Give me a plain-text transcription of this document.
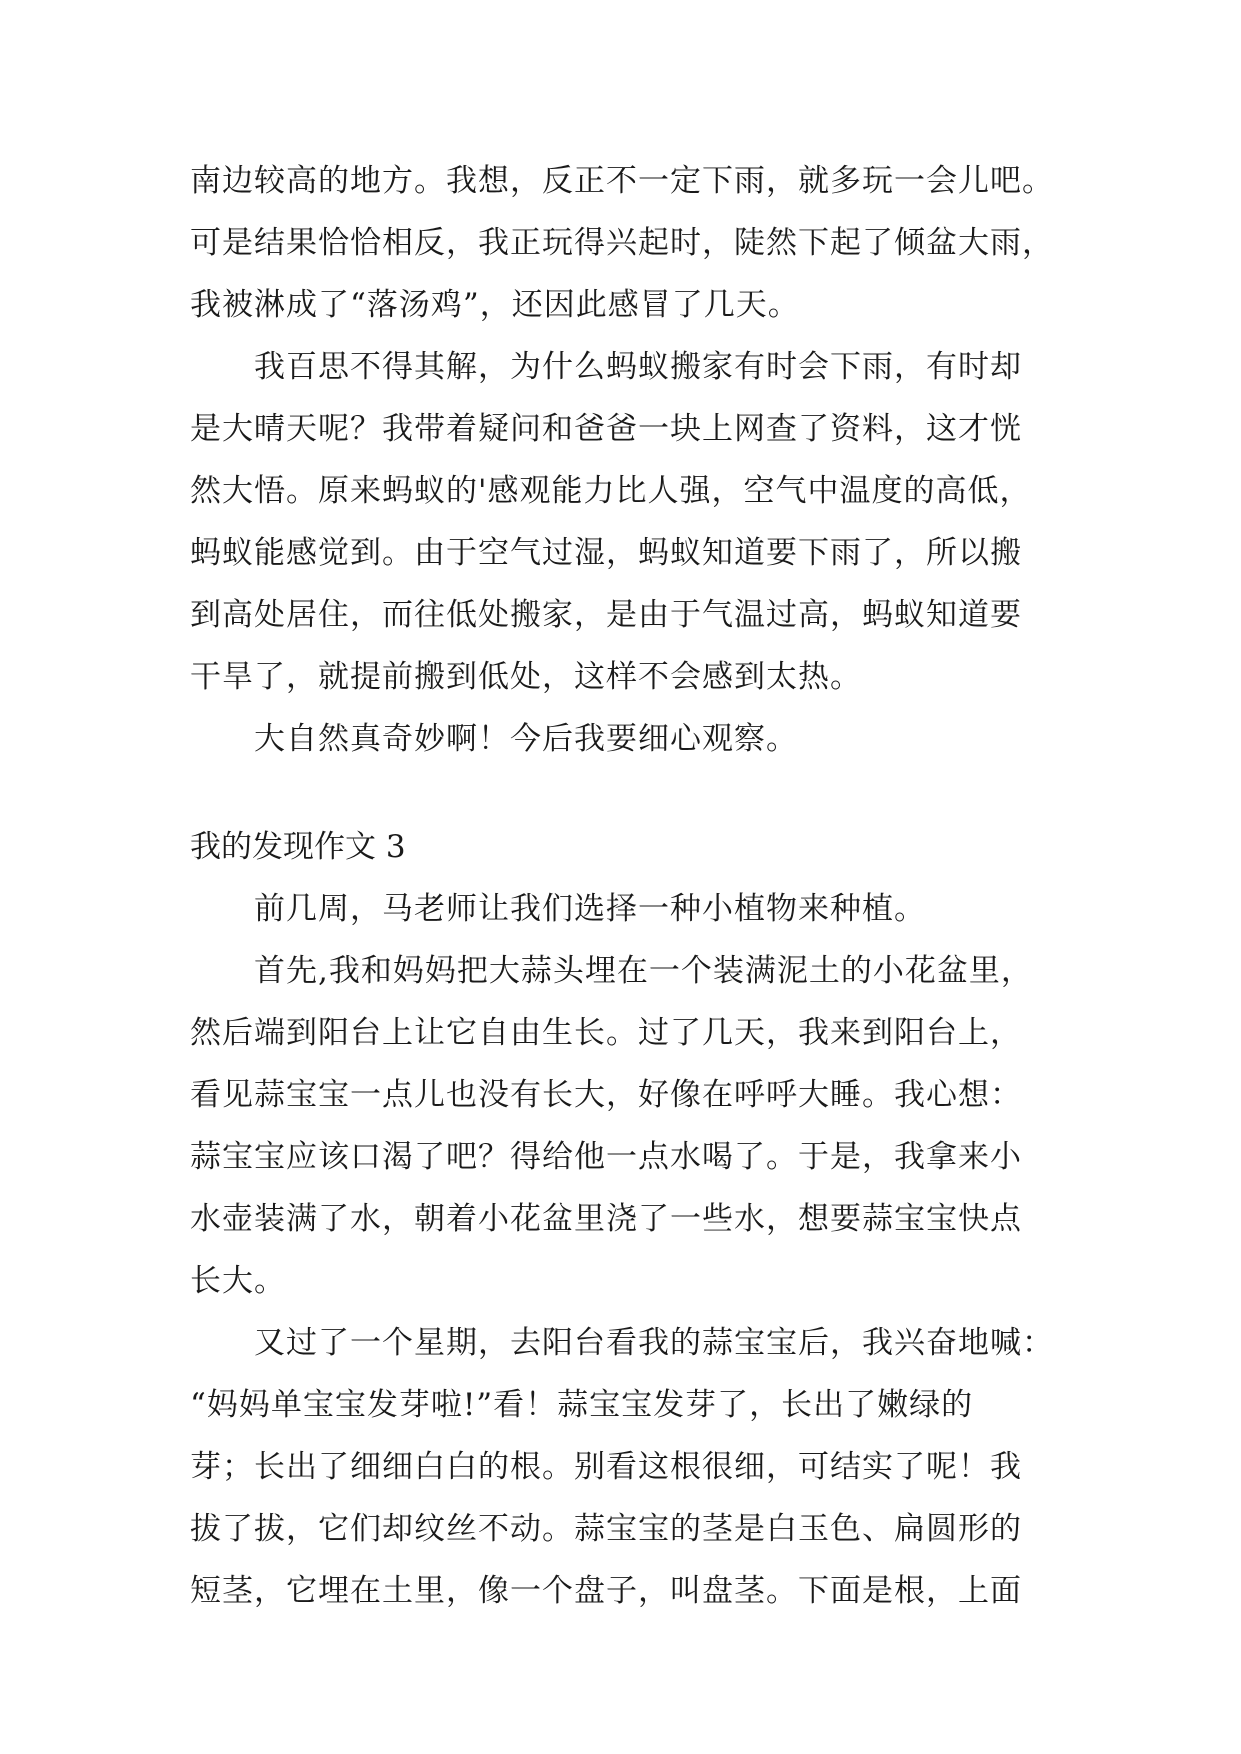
南边较高的地方。我想，反正不一定下雨，就多玩一会儿吧。
可是结果恰恰相反，我正玩得兴起时，陡然下起了倾盆大雨，
我被淋成了“落汤鸡”，还因此感冒了几天。
我百思不得其解，为什么蚂蚁搬家有时会下雨，有时却
是大晴天呢？我带着疑问和爸爸一块上网查了资料，这才恍
然大悟。原来蚂蚁的'感观能力比人强，空气中温度的高低，
蚂蚁能感觉到。由于空气过湿，蚂蚁知道要下雨了，所以搬
到高处居住，而往低处搬家，是由于气温过高，蚂蚁知道要
干旱了，就提前搬到低处，这样不会感到太热。
大自然真奇妙啊！今后我要细心观察。
我的发现作文 3
前几周，马老师让我们选择一种小植物来种植。
首先,我和妈妈把大蒜头埋在一个装满泥土的小花盆里，
然后端到阳台上让它自由生长。过了几天，我来到阳台上，
看见蒜宝宝一点儿也没有长大，好像在呼呼大睡。我心想：
蒜宝宝应该口渴了吧？得给他一点水喝了。于是，我拿来小
水壶装满了水，朝着小花盆里浇了一些水，想要蒜宝宝快点
长大。
又过了一个星期，去阳台看我的蒜宝宝后，我兴奋地喊：
“妈妈单宝宝发芽啦!”看！蒜宝宝发芽了，长出了嫩绿的
芽；长出了细细白白的根。别看这根很细，可结实了呢！我
拔了拔，它们却纹丝不动。蒜宝宝的茎是白玉色、扁圆形的
短茎，它埋在土里，像一个盘子，叫盘茎。下面是根，上面
